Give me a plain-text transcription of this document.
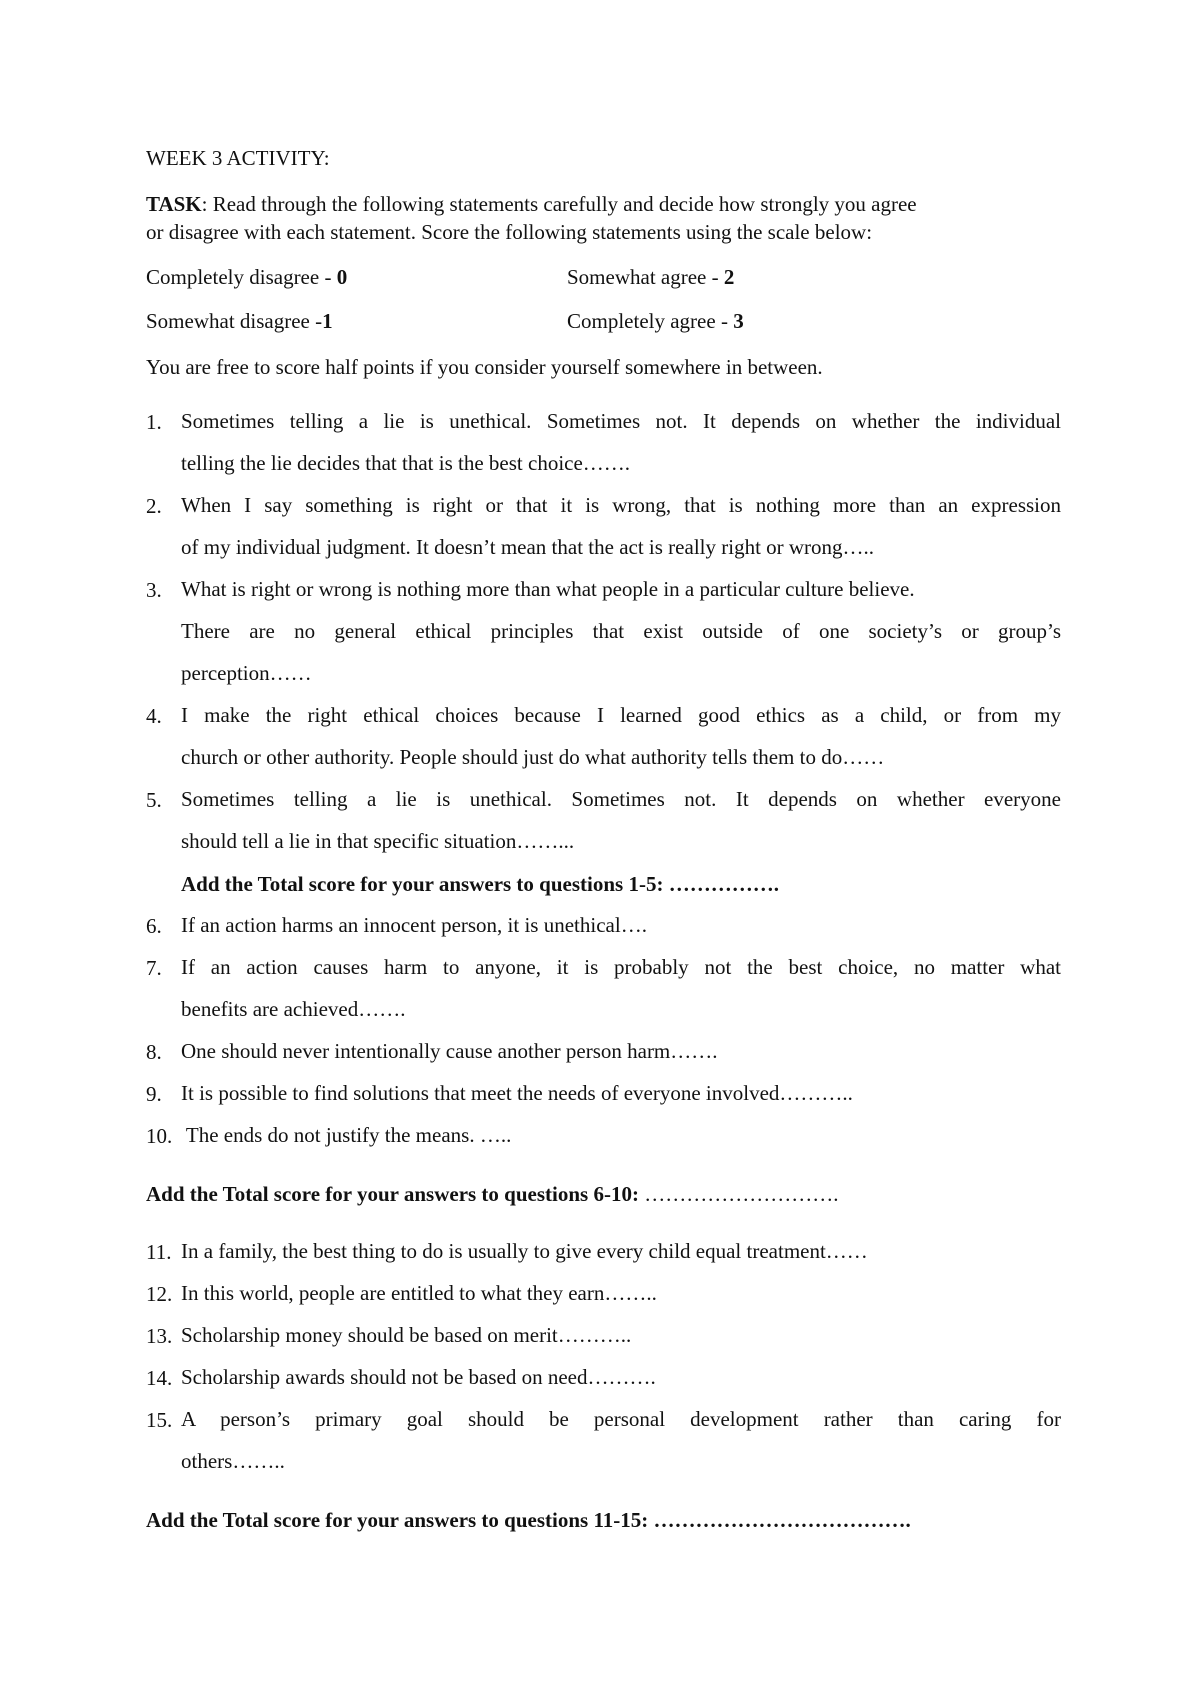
WEEK 3 ACTIVITY:
TASK: Read through the following statements carefully and decide how strongly you agree
or disagree with each statement. Score the following statements using the scale below:
Completely disagree - 0	Somewhat agree - 2
Somewhat disagree -1	Completely agree - 3
You are free to score half points if you consider yourself somewhere in between.
1. Sometimes telling a lie is unethical. Sometimes not. It depends on whether the individual
telling the lie decides that that is the best choice…….
2. When I say something is right or that it is wrong, that is nothing more than an expression
of my individual judgment. It doesn’t mean that the act is really right or wrong…..
3. What is right or wrong is nothing more than what people in a particular culture believe.
There are no general ethical principles that exist outside of one society’s or group’s
perception……
4. I make the right ethical choices because I learned good ethics as a child, or from my
church or other authority. People should just do what authority tells them to do……
5. Sometimes telling a lie is unethical. Sometimes not. It depends on whether everyone
should tell a lie in that specific situation……...
Add the Total score for your answers to questions 1-5: …………….
6. If an action harms an innocent person, it is unethical….
7. If an action causes harm to anyone, it is probably not the best choice, no matter what
benefits are achieved…….
8. One should never intentionally cause another person harm…….
9. It is possible to find solutions that meet the needs of everyone involved………..
10. The ends do not justify the means. …..
Add the Total score for your answers to questions 6-10: ……………………….
11. In a family, the best thing to do is usually to give every child equal treatment……
12. In this world, people are entitled to what they earn……..
13. Scholarship money should be based on merit………..
14. Scholarship awards should not be based on need……….
15. A person’s primary goal should be personal development rather than caring for
others……..
Add the Total score for your answers to questions 11-15: ……………………………….
